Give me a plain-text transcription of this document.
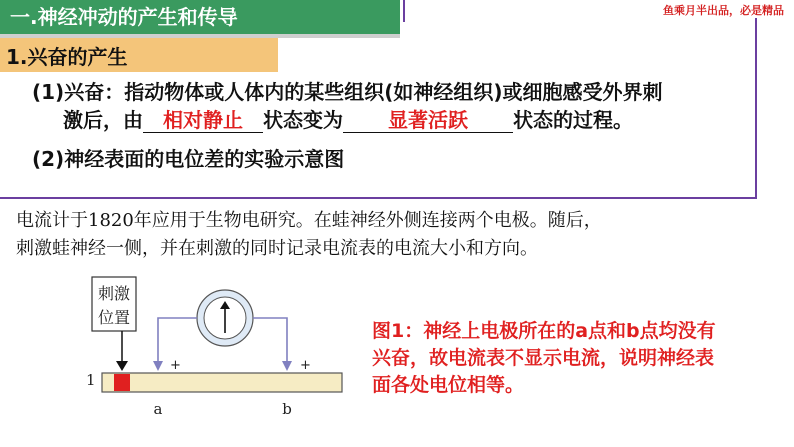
一.神经冲动的产生和传导	鱼乘月半出品，必是精品
1.兴奋的产生
(1)兴奋：指动物体或人体内的某些组织(如神经组织)或细胞感受外界刺
激后，由 相对静止 状态变为 显著活跃 状态的过程。
(2)神经表面的电位差的实验示意图
电流计于1820年应用于生物电研究。在蛙神经外侧连接两个电极。随后，
刺激蛙神经一侧，并在刺激的同时记录电流表的电流大小和方向。
刺激
位置
+	+
1
a	b
图1：神经上电极所在的a点和b点均没有兴奋，故电流表不显示电流，说明神经表面各处电位相等。
